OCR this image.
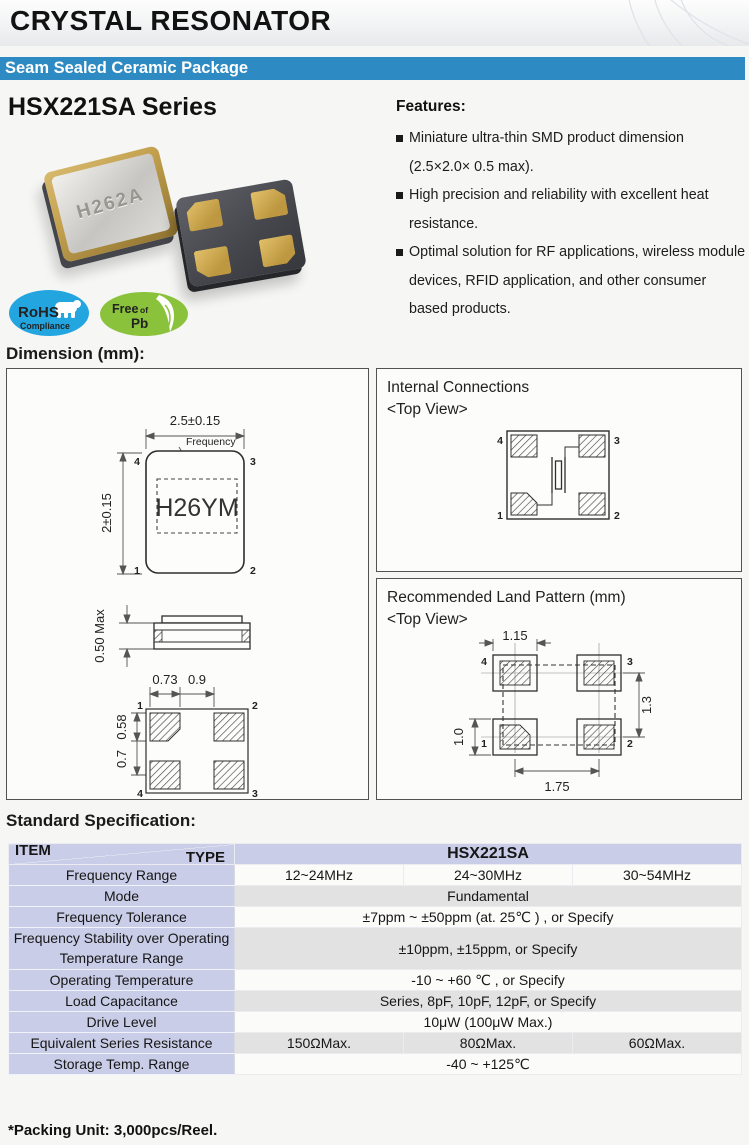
CRYSTAL RESONATOR
Seam Sealed Ceramic Package
HSX221SA Series
H262A
RoHS
Compliance
Free of
Pb
Features:
Miniature ultra-thin SMD product dimension (2.5×2.0× 0.5 max).
High precision and reliability with excellent heat resistance.
Optimal solution for RF applications, wireless module devices, RFID application, and other consumer based products.
Dimension (mm):
2.5±0.15
2±0.15
Frequency
H26YM
4	3
1	2
0.50 Max
0.73 0.9
0.58
0.7
1	2
4	3
Internal Connections
<Top View>
4	3
1	2
Recommended Land Pattern (mm)
<Top View>
1.15
1.3
1.0
1.75
4	3
1	2
Standard Specification:
TYPE
ITEM	HSX221SA		
Frequency Range	12~24MHz	24~30MHz	30~54MHz
Mode	Fundamental		
Frequency Tolerance	±7ppm ~ ±50ppm (at. 25℃ ) , or Specify		
Frequency Stability over Operating Temperature Range	±10ppm, ±15ppm, or Specify		
Operating Temperature	-10 ~ +60 ℃ , or Specify		
Load Capacitance	Series, 8pF, 10pF, 12pF, or Specify		
Drive Level	10μW (100μW Max.)		
Equivalent Series Resistance	150ΩMax.	80ΩMax.	60ΩMax.
Storage Temp. Range	-40 ~ +125℃		
*Packing Unit: 3,000pcs/Reel.
